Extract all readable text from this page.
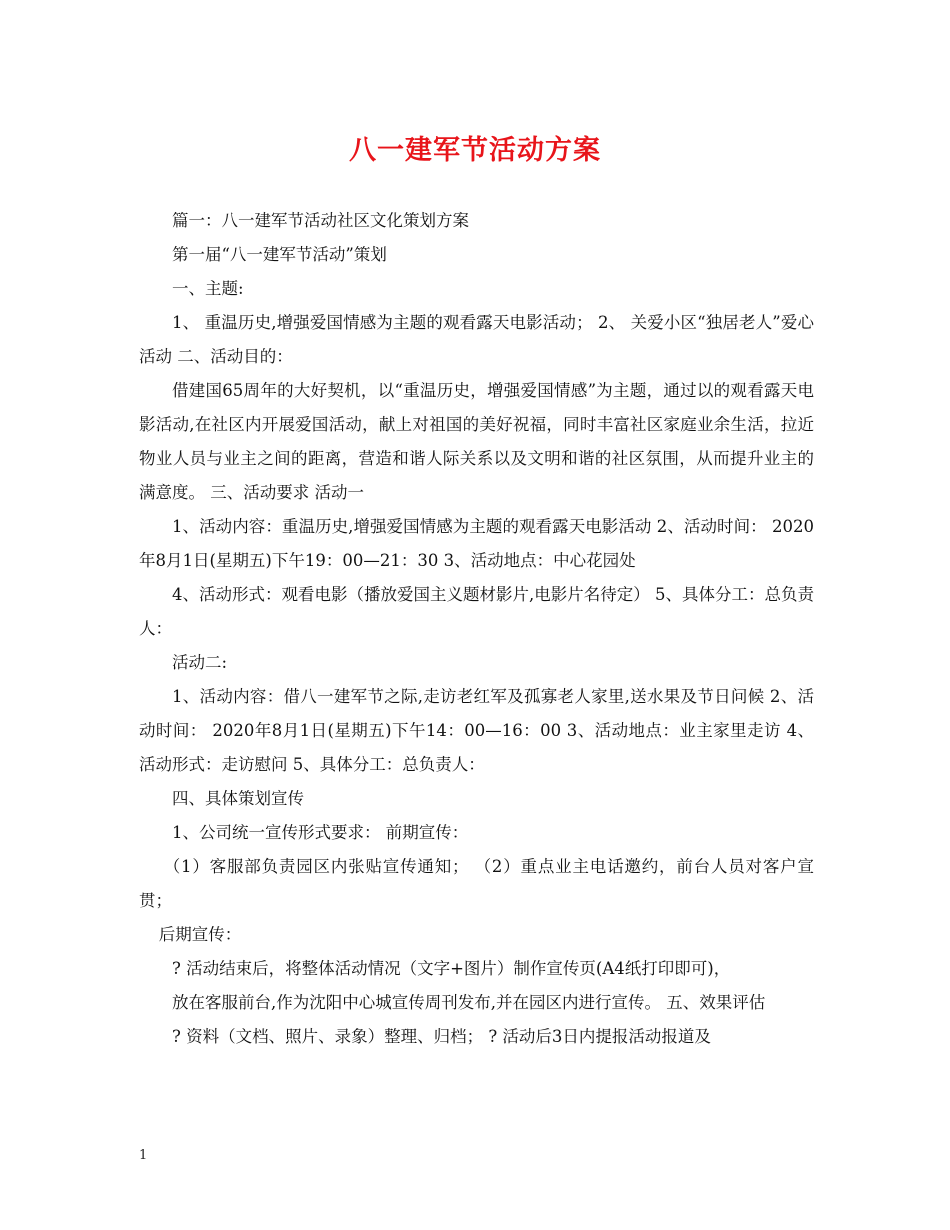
八一建军节活动方案

篇一：八一建军节活动社区文化策划方案

第一届“八一建军节活动”策划

一、主题:

1、 重温历史,增强爱国情感为主题的观看露天电影活动； 2、 关爱小区“独居老人”爱心活动 二、活动目的：

借建国65周年的大好契机，以“重温历史，增强爱国情感”为主题，通过以的观看露天电影活动,在社区内开展爱国活动，献上对祖国的美好祝福，同时丰富社区家庭业余生活，拉近物业人员与业主之间的距离，营造和谐人际关系以及文明和谐的社区氛围，从而提升业主的满意度。 三、活动要求 活动一

1、活动内容：重温历史,增强爱国情感为主题的观看露天电影活动 2、活动时间： 2020年8月1日(星期五)下午19：00—21：30 3、活动地点：中心花园处

4、活动形式：观看电影（播放爱国主义题材影片,电影片名待定） 5、具体分工：总负责人：

活动二:

1、活动内容：借八一建军节之际,走访老红军及孤寡老人家里,送水果及节日问候 2、活动时间： 2020年8月1日(星期五)下午14：00—16：00 3、活动地点：业主家里走访 4、活动形式：走访慰问 5、具体分工：总负责人：

四、具体策划宣传

1、公司统一宣传形式要求： 前期宣传：

（1）客服部负责园区内张贴宣传通知； （2）重点业主电话邀约，前台人员对客户宣贯；

后期宣传：

? 活动结束后，将整体活动情况（文字+图片）制作宣传页(A4纸打印即可)，

放在客服前台,作为沈阳中心城宣传周刊发布,并在园区内进行宣传。 五、效果评估

? 资料（文档、照片、录象）整理、归档； ? 活动后3日内提报活动报道及

1
